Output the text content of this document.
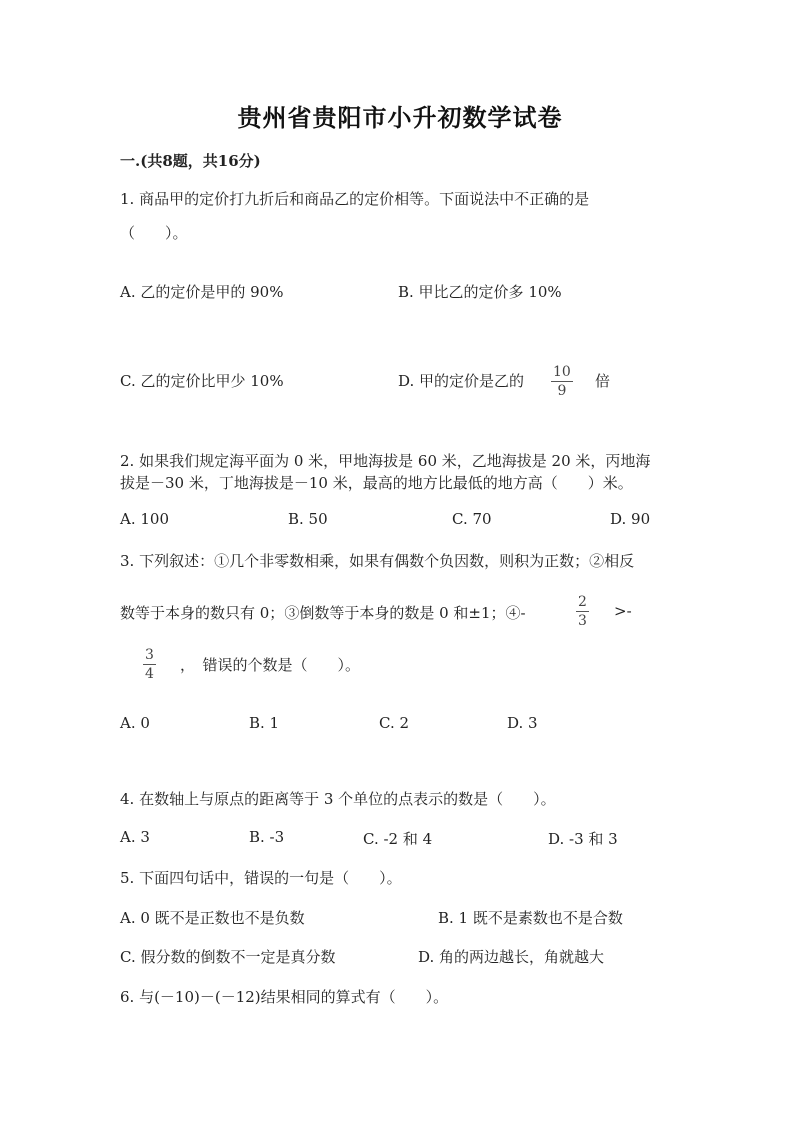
贵州省贵阳市小升初数学试卷
一.(共8题，共16分)
1. 商品甲的定价打九折后和商品乙的定价相等。下面说法中不正确的是
（　　）。
A. 乙的定价是甲的 90%	B. 甲比乙的定价多 10%
C. 乙的定价比甲少 10%	D. 甲的定价是乙的 $\frac{10}{9}$ 倍
2. 如果我们规定海平面为 0 米，甲地海拔是 60 米，乙地海拔是 20 米，丙地海
拔是－30 米，丁地海拔是－10 米，最高的地方比最低的地方高（　　）米。
A. 100	B. 50	C. 70	D. 90
3. 下列叙述：①几个非零数相乘，如果有偶数个负因数，则积为正数；②相反
数等于本身的数只有 0；③倒数等于本身的数是 0 和±1；④-	$\frac{2}{3}$ >-
$\frac{3}{4}$ ，　错误的个数是（　　）。
A. 0	B. 1	C. 2	D. 3
4. 在数轴上与原点的距离等于 3 个单位的点表示的数是（　　）。
A. 3	B. -3	C. -2 和 4	D. -3 和 3
5. 下面四句话中，错误的一句是（　　）。
A. 0 既不是正数也不是负数	B. 1 既不是素数也不是合数
C. 假分数的倒数不一定是真分数	D. 角的两边越长，角就越大
6. 与(－10)－(－12)结果相同的算式有（　　）。
